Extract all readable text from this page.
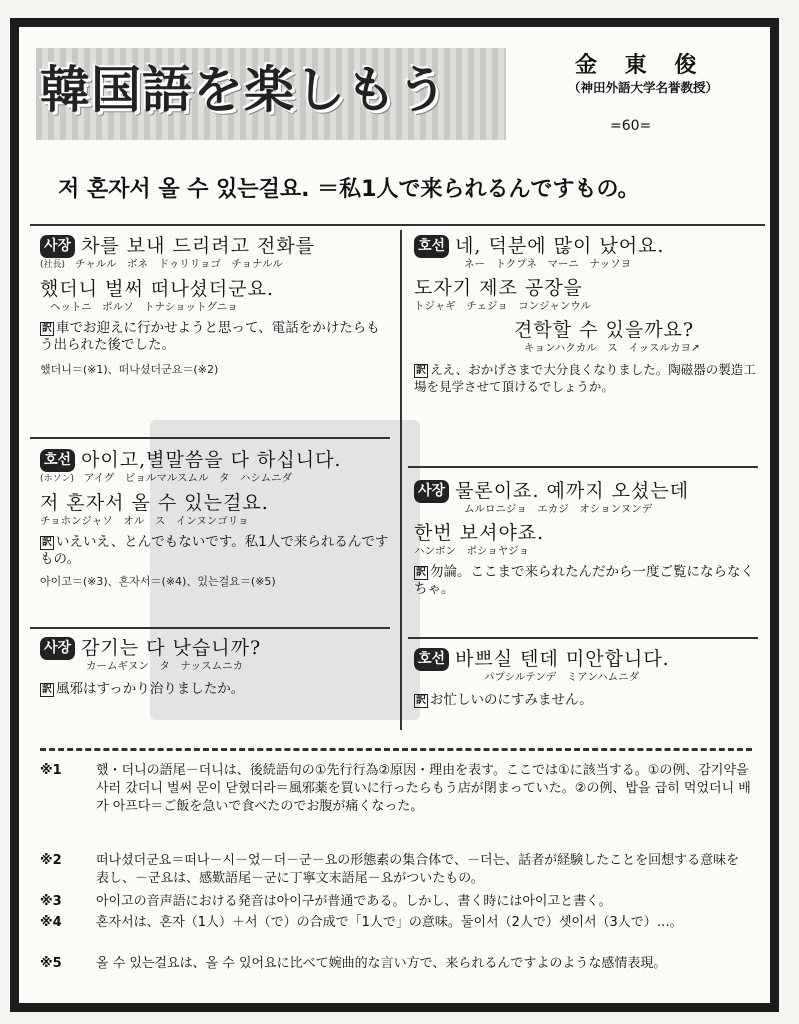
韓国語を楽しもう	金 東 俊
（神田外語大学名誉教授）
=60=
저 혼자서 올 수 있는걸요. ＝私1人で来られるんですもの。
사장 차를 보내 드리려고 전화를
(社長) チャルル　ボネ　ドゥリリョゴ　チョナルル
했더니 벌써 떠나셨더군요.
ヘットニ　ポルソ　トナショットグニョ
訳 車でお迎えに行かせようと思って、電話をかけたらもう出られた後でした。
했더니＝(※1)、떠나셨더군요＝(※2)
호선 아이고,별말씀을 다 하십니다.
(ホソン) アイグ　ピョルマルスムル　タ　ハシムニダ
저 혼자서 올 수 있는걸요.
チョホンジャソ　オル　ス　インヌンゴリョ
訳 いえいえ、とんでもないです。私1人で来られるんですもの。
아이고＝(※3)、혼자서＝(※4)、있는걸요＝(※5)
사장 감기는 다 낫습니까?
カームギヌン　タ　ナッスムニカ
訳 風邪はすっかり治りましたか。
호선 네, 덕분에 많이 났어요.
ネー　トクプネ　マーニ　ナッソヨ
도자기 제조 공장을
トジャギ　チェジョ　コンジャンウル
견학할 수 있을까요?
キョンハクカル　ス　イッスルカヨ↗
訳 ええ、おかげさまで大分良くなりました。陶磁器の製造工場を見学させて頂けるでしょうか。
사장 물론이죠. 예까지 오셨는데
ムルロニジョ　エカジ　オションヌンデ
한번 보셔야죠.
ハンボン　ポショヤジョ
訳 勿論。ここまで来られたんだから一度ご覧にならなくちゃ。
호선 바쁘실 텐데 미안합니다.
パプシルテンデ　ミアンハムニダ
訳 お忙しいのにすみません。
※1	했・더니の語尾－더니は、後続語句の①先行行為②原因・理由を表す。ここでは①に該当する。①の例、감기약을 사러 갔더니 벌써 문이 닫혔더라＝風邪薬を買いに行ったらもう店が閉まっていた。②の例、밥을 급히 먹었더니 배가 아프다＝ご飯を急いで食べたのでお腹が痛くなった。
※2	떠나셨더군요＝떠나－시－었－더－군－요の形態素の集合体で、－더는、話者が経験したことを回想する意味を表し、－군요は、感歎語尾－군に丁寧文末語尾－요がついたもの。
※3	아이고の音声語における発音は아이구が普通である。しかし、書く時には아이고と書く。
※4	혼자서は、혼자（1人）＋서（で）の合成で「1人で」の意味。둘이서（2人で）셋이서（3人で）…。
※5	올 수 있는걸요は、올 수 있어요に比べて婉曲的な言い方で、来られるんですよのような感情表現。
